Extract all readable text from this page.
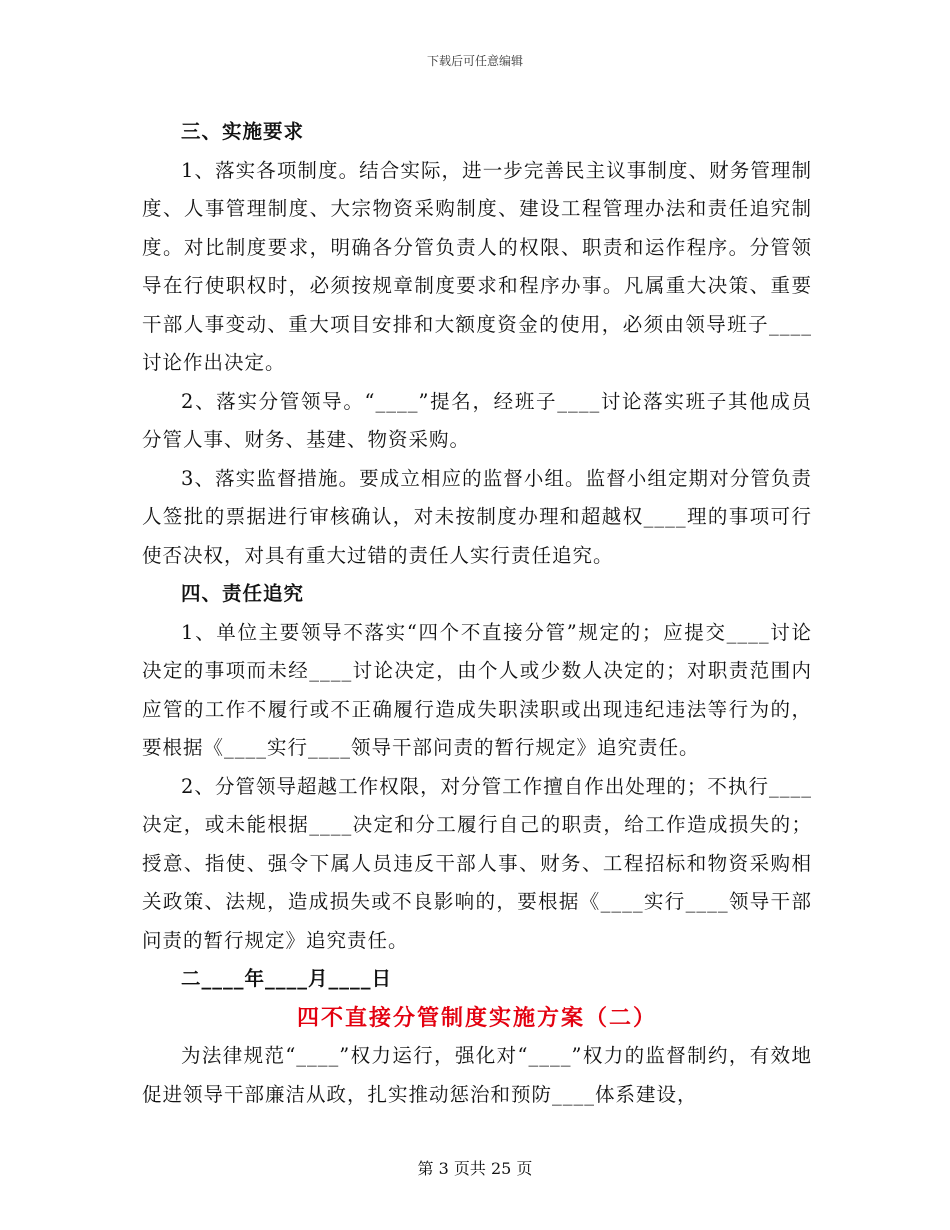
下载后可任意编辑

三、实施要求

1、落实各项制度。结合实际，进一步完善民主议事制度、财务管理制度、人事管理制度、大宗物资采购制度、建设工程管理办法和责任追究制度。对比制度要求，明确各分管负责人的权限、职责和运作程序。分管领导在行使职权时，必须按规章制度要求和程序办事。凡属重大决策、重要干部人事变动、重大项目安排和大额度资金的使用，必须由领导班子____讨论作出决定。

2、落实分管领导。“____”提名，经班子____讨论落实班子其他成员分管人事、财务、基建、物资采购。

3、落实监督措施。要成立相应的监督小组。监督小组定期对分管负责人签批的票据进行审核确认，对未按制度办理和超越权____理的事项可行使否决权，对具有重大过错的责任人实行责任追究。

四、责任追究

1、单位主要领导不落实“四个不直接分管”规定的；应提交____讨论决定的事项而未经____讨论决定，由个人或少数人决定的；对职责范围内应管的工作不履行或不正确履行造成失职渎职或出现违纪违法等行为的，要根据《____实行____领导干部问责的暂行规定》追究责任。

2、分管领导超越工作权限，对分管工作擅自作出处理的；不执行____决定，或未能根据____决定和分工履行自己的职责，给工作造成损失的；授意、指使、强令下属人员违反干部人事、财务、工程招标和物资采购相关政策、法规，造成损失或不良影响的，要根据《____实行____领导干部问责的暂行规定》追究责任。

二____年____月____日

四不直接分管制度实施方案（二）

为法律规范“____”权力运行，强化对“____”权力的监督制约，有效地促进领导干部廉洁从政，扎实推动惩治和预防____体系建设，

第 3 页共 25 页
